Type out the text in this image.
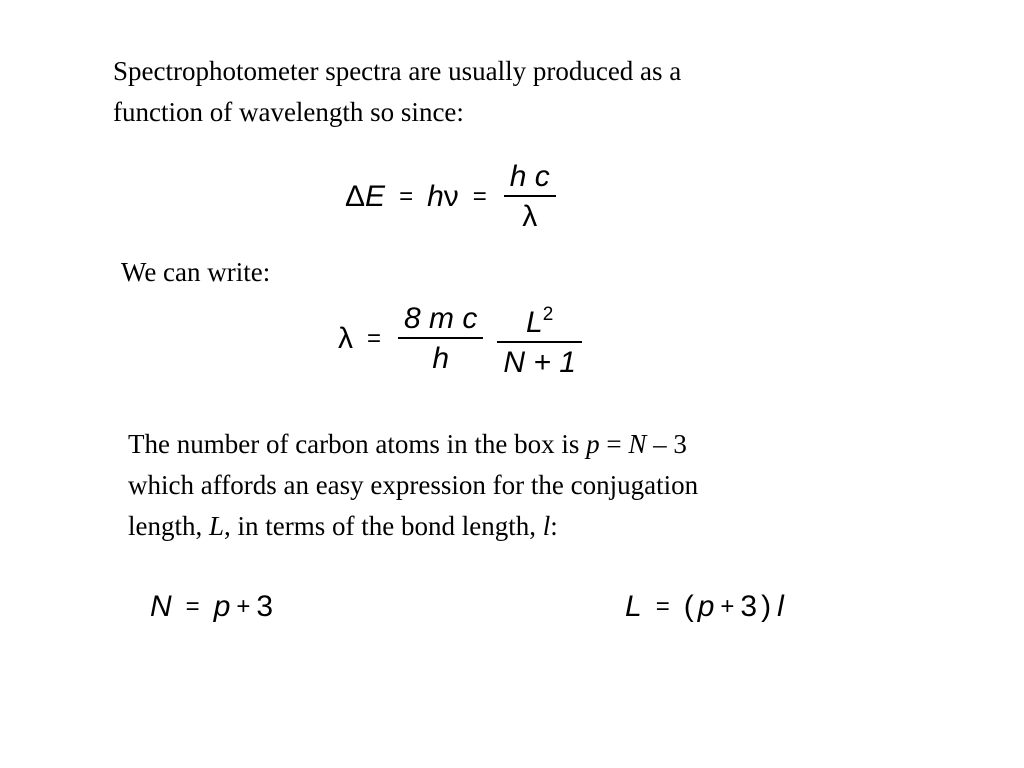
Spectrophotometer spectra are usually produced as a
function of wavelength so since:

Δ E = h $\nu = \frac{\text{h c}}{\lambda}$

We can write:

$\lambda = \frac{\text{8 m c}}{h} \frac{L^2}{N + 1}$

The number of carbon atoms in the box is p = N – 3
which affords an easy expression for the conjugation
length, L, in terms of the bond length, l:

N = p + 3	L = ( p + 3 ) l
